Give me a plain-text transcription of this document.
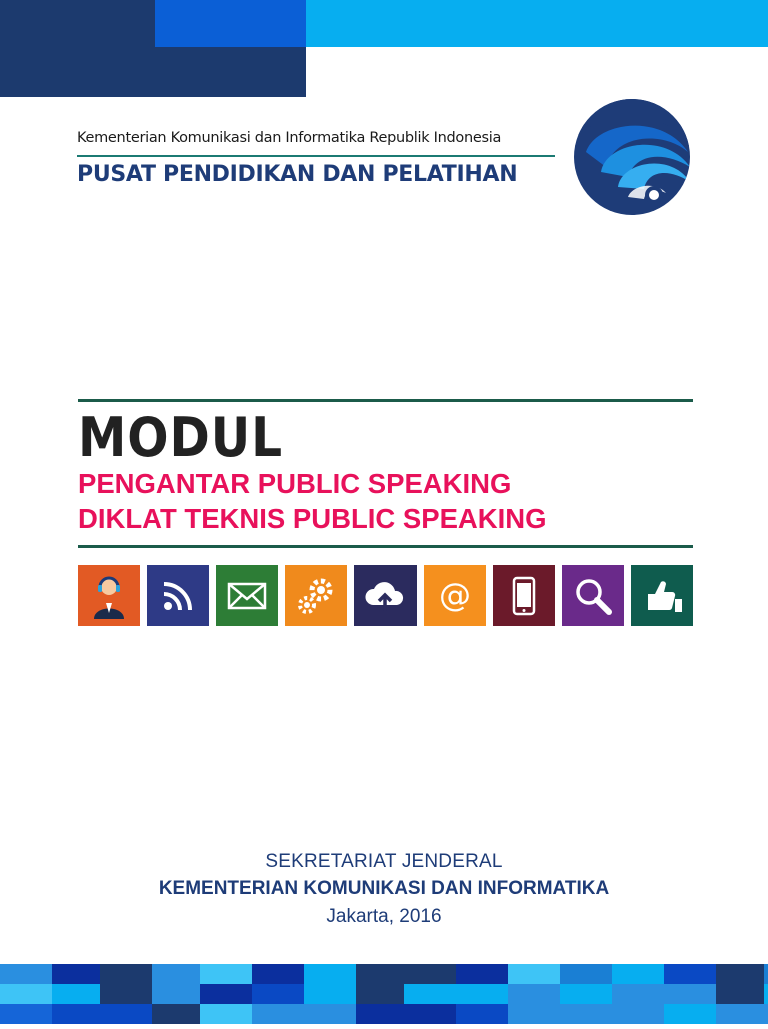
Kementerian Komunikasi dan Informatika Republik Indonesia
PUSAT PENDIDIKAN DAN PELATIHAN
MODUL
PENGANTAR PUBLIC SPEAKING
DIKLAT TEKNIS PUBLIC SPEAKING
@
SEKRETARIAT JENDERAL
KEMENTERIAN KOMUNIKASI DAN INFORMATIKA
Jakarta, 2016
